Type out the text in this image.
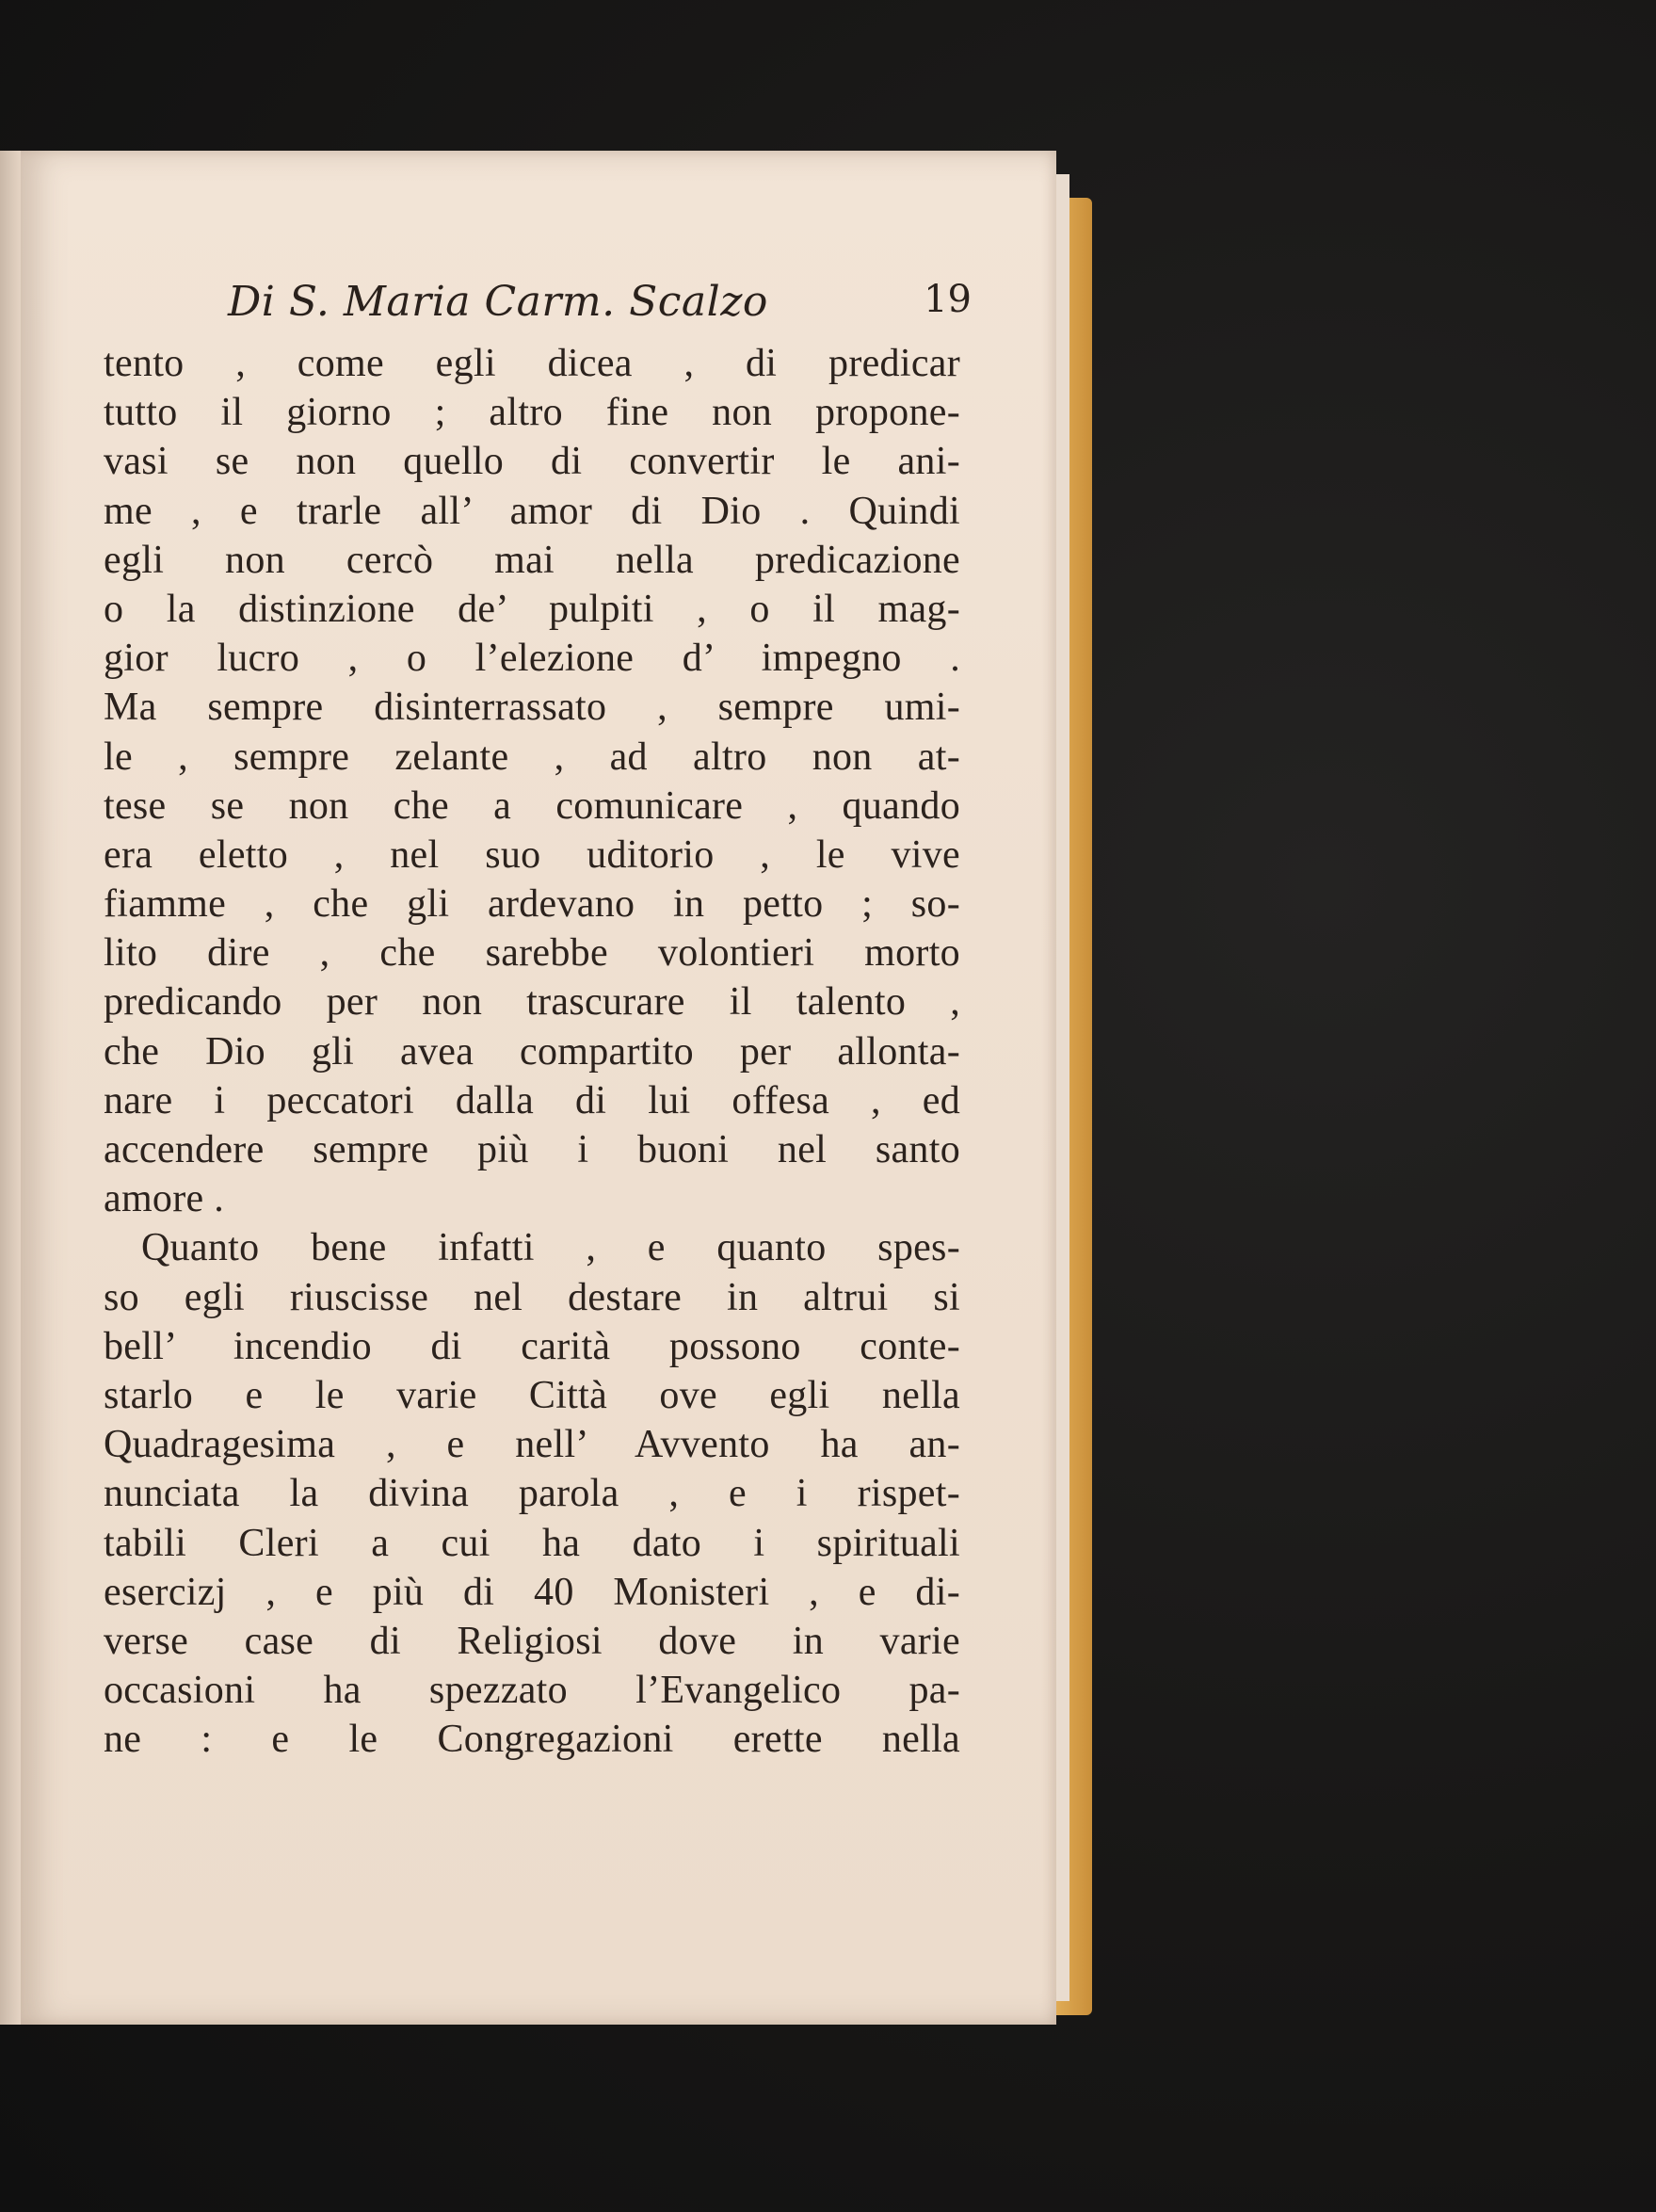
Di S. Maria Carm. Scalzo	19
tento , come egli dicea , di predicar
tutto il giorno ; altro fine non propone-
vasi se non quello di convertir le ani-
me , e trarle all’ amor di Dio . Quindi
egli non cercò mai nella predicazione
o la distinzione de’ pulpiti , o il mag-
gior lucro , o l’elezione d’ impegno .
Ma sempre disinterrassato , sempre umi-
le , sempre zelante , ad altro non at-
tese se non che a comunicare , quando
era eletto , nel suo uditorio , le vive
fiamme , che gli ardevano in petto ; so-
lito dire , che sarebbe volontieri morto
predicando per non trascurare il talento ,
che Dio gli avea compartito per allonta-
nare i peccatori dalla di lui offesa , ed
accendere sempre più i buoni nel santo
amore .
Quanto bene infatti , e quanto spes-
so egli riuscisse nel destare in altrui si
bell’ incendio di carità possono conte-
starlo e le varie Città ove egli nella
Quadragesima , e nell’ Avvento ha an-
nunciata la divina parola , e i rispet-
tabili Cleri a cui ha dato i spirituali
esercizj , e più di 40 Monisteri , e di-
verse case di Religiosi dove in varie
occasioni ha spezzato l’Evangelico pa-
ne : e le Congregazioni erette nella
